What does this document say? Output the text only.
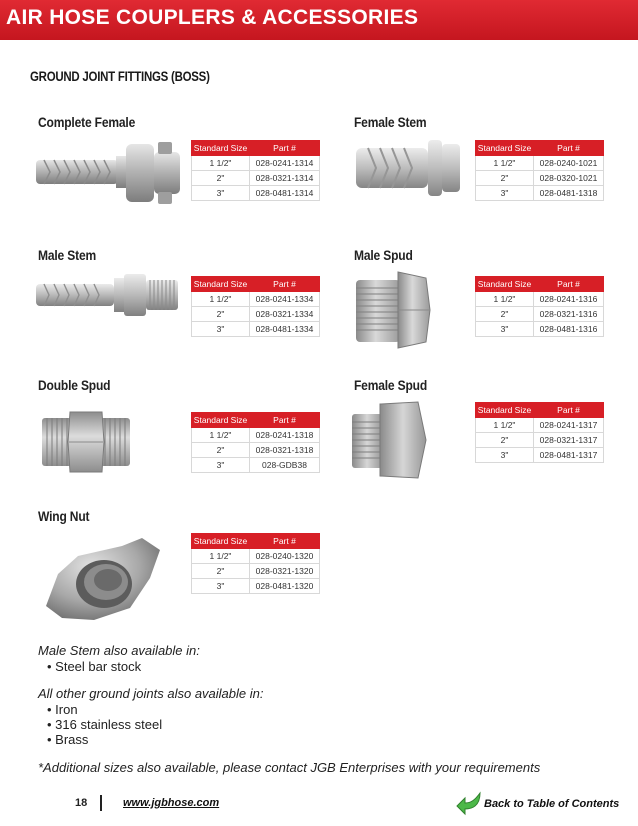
AIR HOSE COUPLERS & ACCESSORIES
GROUND JOINT FITTINGS (BOSS)
Complete Female
Standard Size	Part #
1 1/2"	028-0241-1314
2"	028-0321-1314
3"	028-0481-1314
Female Stem
Standard Size	Part #
1 1/2"	028-0240-1021
2"	028-0320-1021
3"	028-0481-1318
Male Stem
Standard Size	Part #
1 1/2"	028-0241-1334
2"	028-0321-1334
3"	028-0481-1334
Male Spud
Standard Size	Part #
1 1/2"	028-0241-1316
2"	028-0321-1316
3"	028-0481-1316
Double Spud
Standard Size	Part #
1 1/2"	028-0241-1318
2"	028-0321-1318
3"	028-GDB38
Female Spud
Standard Size	Part #
1 1/2"	028-0241-1317
2"	028-0321-1317
3"	028-0481-1317
Wing Nut
Standard Size	Part #
1 1/2"	028-0240-1320
2"	028-0321-1320
3"	028-0481-1320
Male Stem also available in:
• Steel bar stock
All other ground joints also available in:
• Iron
• 316 stainless steel
• Brass
*Additional sizes also available, please contact JGB Enterprises with your requirements
18	www.jgbhose.com	Back to Table of Contents
